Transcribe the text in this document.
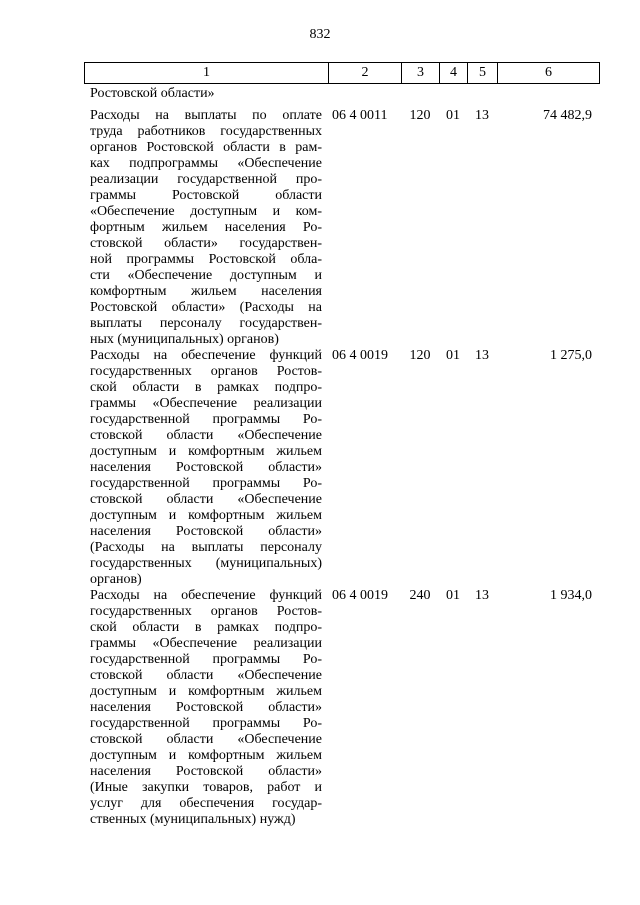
832
1	2	3	4	5	6
Ростовской области»
Расходы на выплаты по оплате
труда работников государственных
органов Ростовской области в рам-
ках подпрограммы «Обеспечение
реализации государственной про-
граммы Ростовской области
«Обеспечение доступным и ком-
фортным жильем населения Ро-
стовской области» государствен-
ной программы Ростовской обла-
сти «Обеспечение доступным и
комфортным жильем населения
Ростовской области» (Расходы на
выплаты персоналу государствен-
ных (муниципальных) органов)
06 4 0011	120	01	13	74 482,9
Расходы на обеспечение функций
государственных органов Ростов-
ской области в рамках подпро-
граммы «Обеспечение реализации
государственной программы Ро-
стовской области «Обеспечение
доступным и комфортным жильем
населения Ростовской области»
государственной программы Ро-
стовской области «Обеспечение
доступным и комфортным жильем
населения Ростовской области»
(Расходы на выплаты персоналу
государственных (муниципальных)
органов)
06 4 0019	120	01	13	1 275,0
Расходы на обеспечение функций
государственных органов Ростов-
ской области в рамках подпро-
граммы «Обеспечение реализации
государственной программы Ро-
стовской области «Обеспечение
доступным и комфортным жильем
населения Ростовской области»
государственной программы Ро-
стовской области «Обеспечение
доступным и комфортным жильем
населения Ростовской области»
(Иные закупки товаров, работ и
услуг для обеспечения государ-
ственных (муниципальных) нужд)
06 4 0019	240	01	13	1 934,0
